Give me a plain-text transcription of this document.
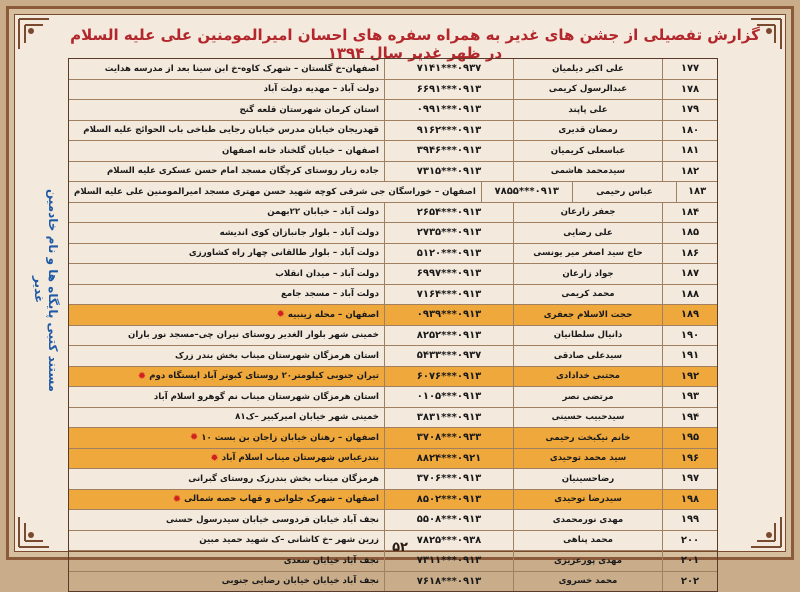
گزارش تفصیلی از جشن های غدیر به همراه سفره های احسان امیرالمومنین علی علیه السلام در ظهر غدیر سال ۱۳۹۴
مستند کتبی پایگاه ها و نام خادمین غدیر
۱۷۷
علی اکبر دیلمیان
۰۹۳۷***۷۱۴۱
اصفهان-خ گلستان – شهرک کاوه-خ ابن سینا بعد از مدرسه هدایت
۱۷۸
عبدالرسول کریمی
۰۹۱۳***۶۶۹۱
دولت آباد – مهدیه دولت آباد
۱۷۹
علی پاپند
۰۹۱۳***۰۹۹۱
استان کرمان شهرستان قلعه گنج
۱۸۰
رمضان قدیری
۰۹۱۳***۹۱۶۲
قهدریجان خیابان مدرس خیابان رجایی طباخی باب الحوائج علیه السلام
۱۸۱
عباسعلی کریمیان
۰۹۱۳***۳۹۴۶
اصفهان – خیابان گلخناد خانه اصفهان
۱۸۲
سیدمحمد هاشمی
۰۹۱۳***۷۳۱۵
جاده زیار روستای کرچگان مسجد امام حسن عسکری علیه السلام
۱۸۳
عباس رحیمی
۰۹۱۳***۷۸۵۵
اصفهان – خوراسگان جی شرقی کوچه شهید حسن مهتری مسجد امیرالمومنین علی علیه السلام
۱۸۴
جعفر زارعان
۰۹۱۳***۲۶۵۴
دولت آباد – خیابان ۲۲بهمن
۱۸۵
علی رضایی
۰۹۱۳***۲۷۳۵
دولت آباد – بلوار جانبازان کوی اندیشه
۱۸۶
حاج سید اصغر میر یونسی
۰۹۱۳***۵۱۲۰
دولت آباد – بلوار طالقانی چهار راه کشاورزی
۱۸۷
جواد زارعان
۰۹۱۳***۶۹۹۷
دولت آباد – میدان انقلاب
۱۸۸
محمد کریمی
۰۹۱۳***۷۱۶۴
دولت آباد – مسجد جامع
۱۸۹
حجت الاسلام جعفری
۰۹۱۳***۰۹۳۹
اصفهان – محله زینبیه
✹
۱۹۰
دانیال سلطانیان
۰۹۱۳***۸۲۵۲
خمینی شهر بلوار الغدیر روستای نیران چی–مسجد نور باران
۱۹۱
سیدعلی صادقی
۰۹۳۷***۵۴۳۳
استان هرمزگان شهرستان میناب بخش بندر زرک
۱۹۲
مجتبی خدادادی
۰۹۱۳***۶۰۷۶
تیران جنوبی کیلومتر۲۰ روستای کبوتر آباد ایستگاه دوم
✹
۱۹۳
مرتضی نصر
۰۹۱۳***۰۱۰۵
استان هرمزگان شهرستان میناب نم گوهرو اسلام آباد
۱۹۴
سیدحبیب حسینی
۰۹۱۳***۳۸۳۱
خمینی شهر خیابان امیرکبیر –ک۸۱
۱۹۵
خانم نیکبخت رحیمی
۰۹۳۳***۳۷۰۸
اصفهان – رهنان خیابان زاجان بن بست ۱۰
✹
۱۹۶
سید محمد توحیدی
۰۹۲۱***۸۸۲۴
بندرعباس شهرستان میناب اسلام آباد
✹
۱۹۷
رضاحسینیان
۰۹۱۳***۳۷۰۶
هرمزگان میناب بخش بندرزک روستای گبرانی
۱۹۸
سیدرضا توحیدی
۰۹۱۳***۸۵۰۲
اصفهان – شهرک جلوانی و قهاب حصه شمالی
✹
۱۹۹
مهدی نورمحمدی
۰۹۱۳***۵۵۰۸
نجف آباد خیابان فردوسی خیابان سیدرسول حسنی
۲۰۰
محمد پناهی
۰۹۳۸***۷۸۲۵
زرین شهر –خ کاشانی –ک شهید حمید مبین
۲۰۱
مهدی پورعزیزی
۰۹۱۳***۷۳۱۱
نجف آباد خیابان سعدی
۲۰۲
محمد خسروی
۰۹۱۳***۷۶۱۸
نجف آباد خیابان خیابان رضایی جنوبی
۵۲
